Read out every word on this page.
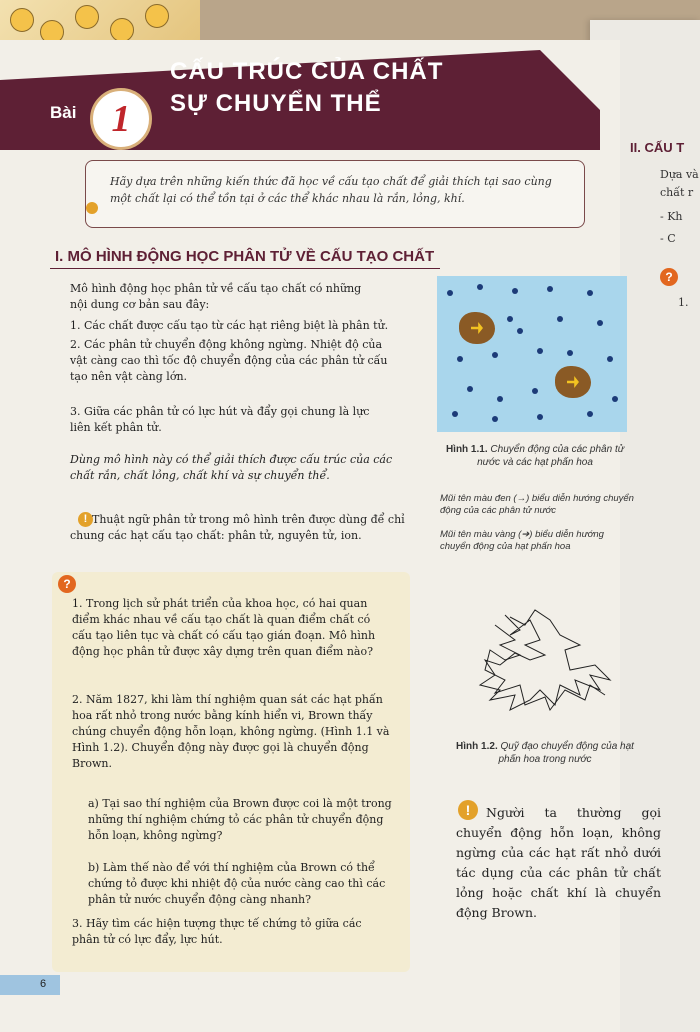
II. CẤU T
Dựa và
chất r
- Kh
- C
?
1.
Bài 1
CẤU TRÚC CỦA CHẤT
SỰ CHUYỂN THỂ
Hãy dựa trên những kiến thức đã học về cấu tạo chất để giải thích tại sao cùng một chất lại có thể tồn tại ở các thể khác nhau là rắn, lỏng, khí.
I. MÔ HÌNH ĐỘNG HỌC PHÂN TỬ VỀ CẤU TẠO CHẤT
Mô hình động học phân tử về cấu tạo chất có những nội dung cơ bản sau đây:
1. Các chất được cấu tạo từ các hạt riêng biệt là phân tử.
2. Các phân tử chuyển động không ngừng. Nhiệt độ của vật càng cao thì tốc độ chuyển động của các phân tử cấu tạo nên vật càng lớn.
3. Giữa các phân tử có lực hút và đẩy gọi chung là lực liên kết phân tử.
Dùng mô hình này có thể giải thích được cấu trúc của các chất rắn, chất lỏng, chất khí và sự chuyển thể.
! Thuật ngữ phân tử trong mô hình trên được dùng để chỉ chung các hạt cấu tạo chất: phân tử, nguyên tử, ion.
Hình 1.1. Chuyển động của các phân tử nước và các hạt phấn hoa
Mũi tên màu đen (→) biểu diễn hướng chuyển động của các phân tử nước
Mũi tên màu vàng (➔) biểu diễn hướng chuyển động của hạt phấn hoa
?
1. Trong lịch sử phát triển của khoa học, có hai quan điểm khác nhau về cấu tạo chất là quan điểm chất có cấu tạo liên tục và chất có cấu tạo gián đoạn. Mô hình động học phân tử được xây dựng trên quan điểm nào?
2. Năm 1827, khi làm thí nghiệm quan sát các hạt phấn hoa rất nhỏ trong nước bằng kính hiển vi, Brown thấy chúng chuyển động hỗn loạn, không ngừng. (Hình 1.1 và Hình 1.2). Chuyển động này được gọi là chuyển động Brown.
a) Tại sao thí nghiệm của Brown được coi là một trong những thí nghiệm chứng tỏ các phân tử chuyển động hỗn loạn, không ngừng?
b) Làm thế nào để với thí nghiệm của Brown có thể chứng tỏ được khi nhiệt độ của nước càng cao thì các phân tử nước chuyển động càng nhanh?
3. Hãy tìm các hiện tượng thực tế chứng tỏ giữa các phân tử có lực đẩy, lực hút.
Hình 1.2. Quỹ đạo chuyển động của hạt phấn hoa trong nước
!	Người ta thường gọi chuyển động hỗn loạn, không ngừng của các hạt rất nhỏ dưới tác dụng của các phân tử chất lỏng hoặc chất khí là chuyển động Brown.
6
